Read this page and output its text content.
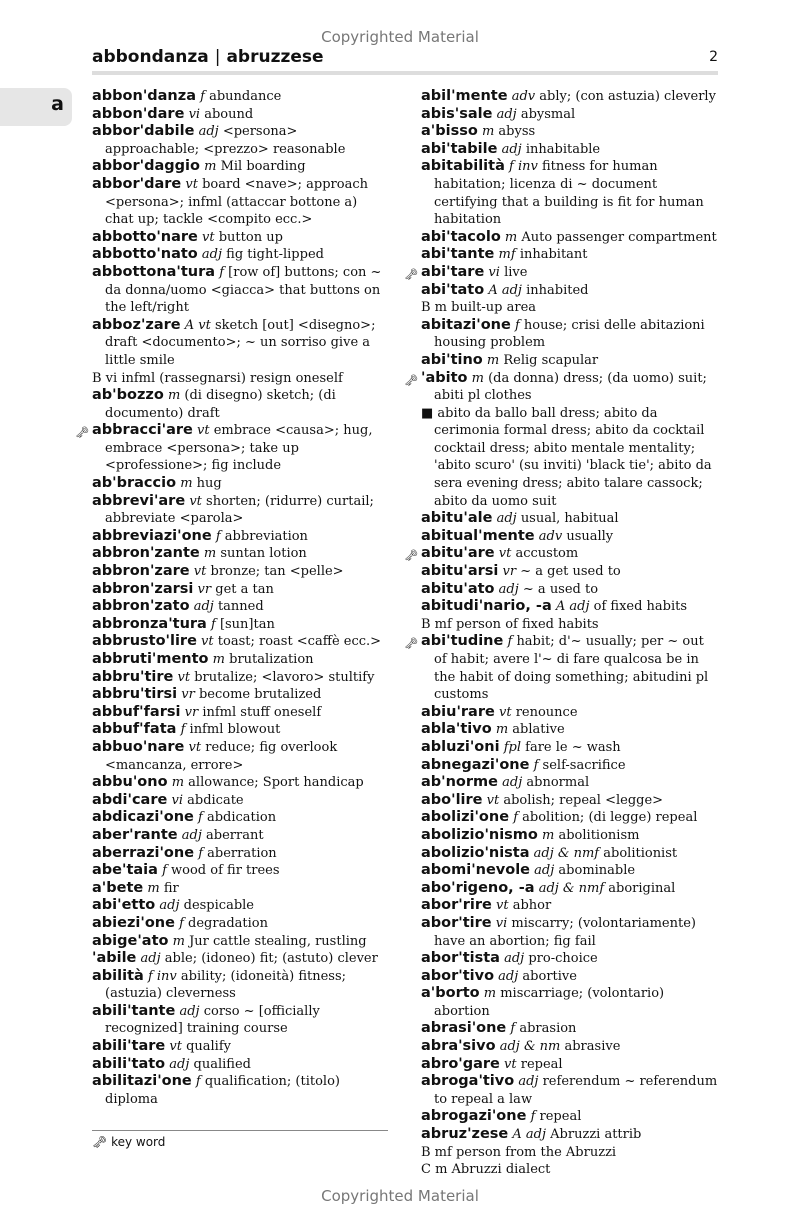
Copyrighted Material
abbondanza | abruzzese	2
a abbon'danza f abundance
abbon'dare vi abound
abbor'dabile adj <persona> approachable; <prezzo> reasonable
abbor'daggio m Mil boarding
abbor'dare vt board <nave>; approach <persona>; infml (attaccar bottone a) chat up; tackle <compito ecc.>
abbotto'nare vt button up
abbotto'nato adj fig tight-lipped
abbottona'tura f [row of] buttons; con ~ da donna/uomo <giacca> that buttons on the left/right
abboz'zare A vt sketch [out] <disegno>; draft <documento>; ~ un sorriso give a little smile
B vi infml (rassegnarsi) resign oneself
ab'bozzo m (di disegno) sketch; (di documento) draft
🗝 abbracci'are vt embrace <causa>; hug, embrace <persona>; take up <professione>; fig include
ab'braccio m hug
abbrevi'are vt shorten; (ridurre) curtail; abbreviate <parola>
abbreviazi'one f abbreviation
abbron'zante m suntan lotion
abbron'zare vt bronze; tan <pelle>
abbron'zarsi vr get a tan
abbron'zato adj tanned
abbronza'tura f [sun]tan
abbrusto'lire vt toast; roast <caffè ecc.>
abbruti'mento m brutalization
abbru'tire vt brutalize; <lavoro> stultify
abbru'tirsi vr become brutalized
abbuf'farsi vr infml stuff oneself
abbuf'fata f infml blowout
abbuo'nare vt reduce; fig overlook <mancanza, errore>
abbu'ono m allowance; Sport handicap
abdi'care vi abdicate
abdicazi'one f abdication
aber'rante adj aberrant
aberrazi'one f aberration
abe'taia f wood of fir trees
a'bete m fir
abi'etto adj despicable
abiezi'one f degradation
abige'ato m Jur cattle stealing, rustling
'abile adj able; (idoneo) fit; (astuto) clever
abilità f inv ability; (idoneità) fitness; (astuzia) cleverness
abili'tante adj corso ~ [officially recognized] training course
abili'tare vt qualify
abili'tato adj qualified
abilitazi'one f qualification; (titolo) diploma
abil'mente adv ably; (con astuzia) cleverly
abis'sale adj abysmal
a'bisso m abyss
abi'tabile adj inhabitable
abitabilità f inv fitness for human habitation; licenza di ~ document certifying that a building is fit for human habitation
abi'tacolo m Auto passenger compartment
abi'tante mf inhabitant
🗝 abi'tare vi live
abi'tato A adj inhabited
B m built-up area
abitazi'one f house; crisi delle abitazioni housing problem
abi'tino m Relig scapular
🗝 'abito m (da donna) dress; (da uomo) suit; abiti pl clothes
■ abito da ballo ball dress; abito da cerimonia formal dress; abito da cocktail cocktail dress; abito mentale mentality; 'abito scuro' (su inviti) 'black tie'; abito da sera evening dress; abito talare cassock; abito da uomo suit
abitu'ale adj usual, habitual
abitual'mente adv usually
🗝 abitu'are vt accustom
abitu'arsi vr ~ a get used to
abitu'ato adj ~ a used to
abitudi'nario, -a A adj of fixed habits
B mf person of fixed habits
🗝 abi'tudine f habit; d'~ usually; per ~ out of habit; avere l'~ di fare qualcosa be in the habit of doing something; abitudini pl customs
abiu'rare vt renounce
abla'tivo m ablative
abluzi'oni fpl fare le ~ wash
abnegazi'one f self-sacrifice
ab'norme adj abnormal
abo'lire vt abolish; repeal <legge>
abolizi'one f abolition; (di legge) repeal
abolizio'nismo m abolitionism
abolizio'nista adj & nmf abolitionist
abomi'nevole adj abominable
abo'rigeno, -a adj & nmf aboriginal
abor'rire vt abhor
abor'tire vi miscarry; (volontariamente) have an abortion; fig fail
abor'tista adj pro-choice
abor'tivo adj abortive
a'borto m miscarriage; (volontario) abortion
abrasi'one f abrasion
abra'sivo adj & nm abrasive
abro'gare vt repeal
abroga'tivo adj referendum ~ referendum to repeal a law
abrogazi'one f repeal
abruz'zese A adj Abruzzi attrib
B mf person from the Abruzzi
C m Abruzzi dialect
🗝 key word
Copyrighted Material
